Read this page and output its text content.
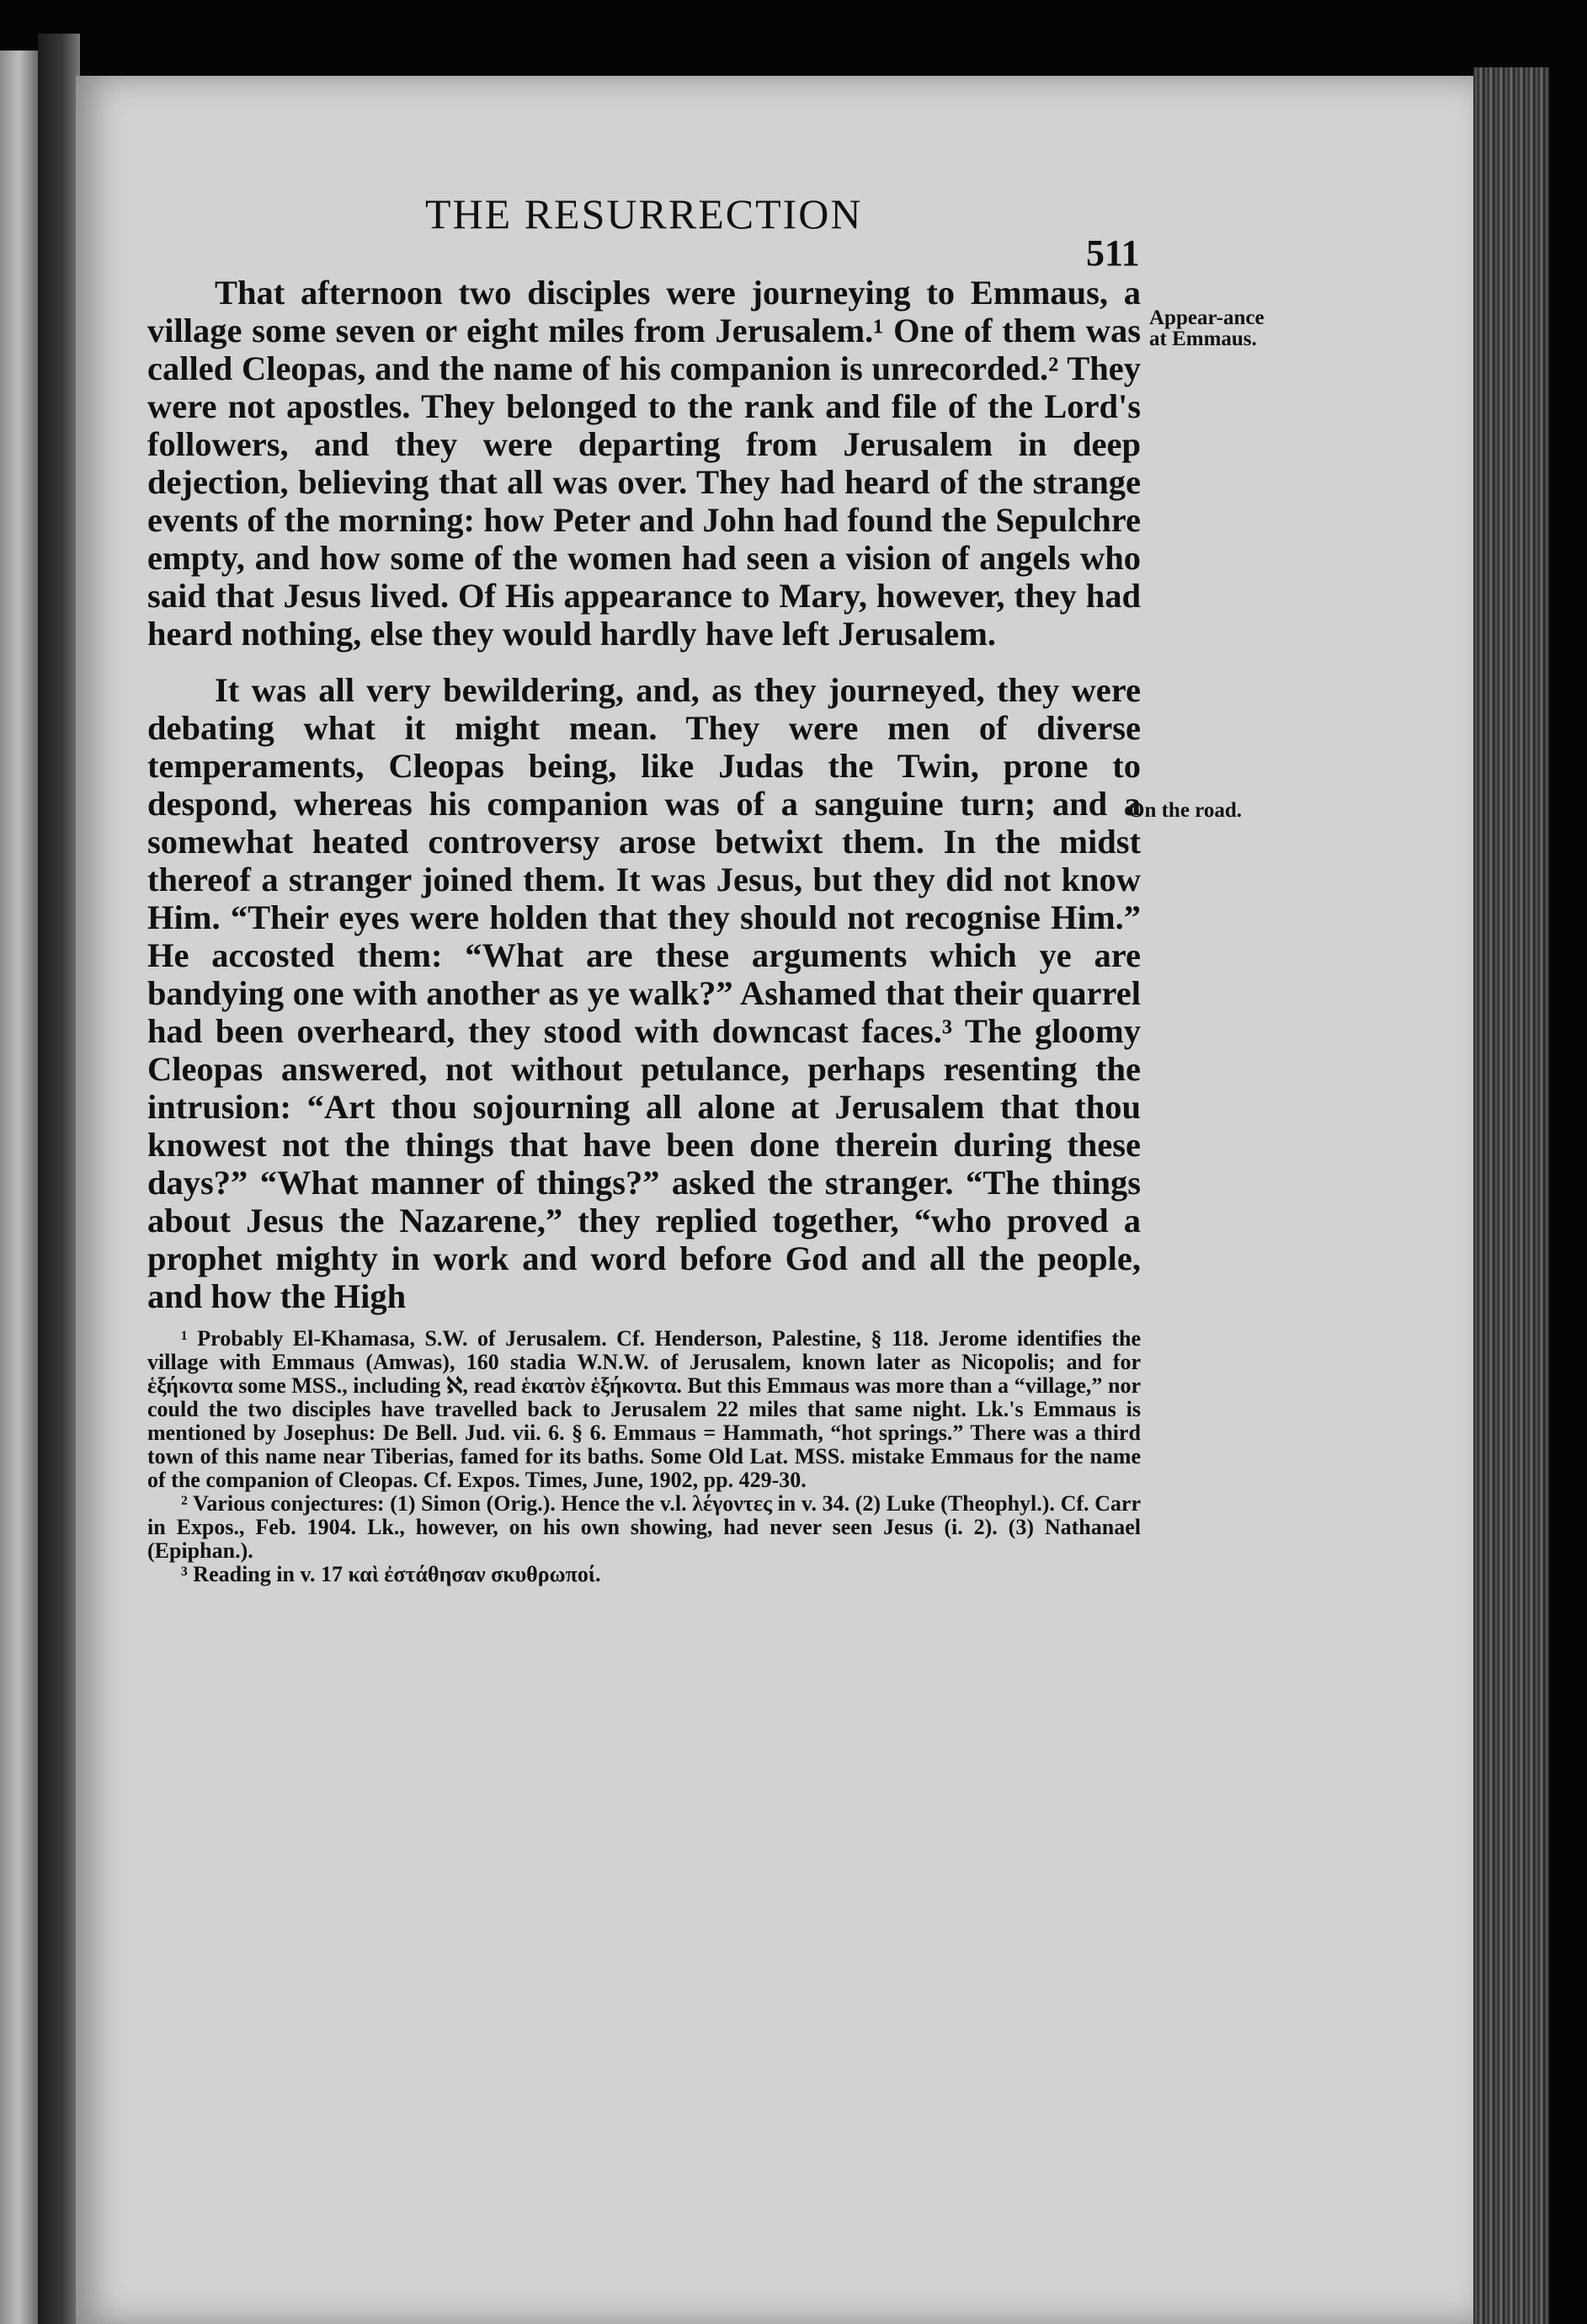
THE RESURRECTION
511

That afternoon two disciples were journeying to Emmaus, a village some seven or eight miles from Jerusalem.¹ One of them was called Cleopas, and the name of his companion is unrecorded.² They were not apostles. They belonged to the rank and file of the Lord's followers, and they were departing from Jerusalem in deep dejection, believing that all was over. They had heard of the strange events of the morning: how Peter and John had found the Sepulchre empty, and how some of the women had seen a vision of angels who said that Jesus lived. Of His appearance to Mary, however, they had heard nothing, else they would hardly have left Jerusalem.

It was all very bewildering, and, as they journeyed, they were debating what it might mean. They were men of diverse temperaments, Cleopas being, like Judas the Twin, prone to despond, whereas his companion was of a sanguine turn; and a somewhat heated controversy arose betwixt them. In the midst thereof a stranger joined them. It was Jesus, but they did not know Him. “Their eyes were holden that they should not recognise Him.” He accosted them: “What are these arguments which ye are bandying one with another as ye walk?” Ashamed that their quarrel had been overheard, they stood with downcast faces.³ The gloomy Cleopas answered, not without petulance, perhaps resenting the intrusion: “Art thou sojourning all alone at Jerusalem that thou knowest not the things that have been done therein during these days?” “What manner of things?” asked the stranger. “The things about Jesus the Nazarene,” they replied together, “who proved a prophet mighty in work and word before God and all the people, and how the High

¹ Probably El-Khamasa, S.W. of Jerusalem. Cf. Henderson, Palestine, § 118. Jerome identifies the village with Emmaus (Amwas), 160 stadia W.N.W. of Jerusalem, known later as Nicopolis; and for ἑξήκοντα some MSS., including ℵ, read ἑκατὸν ἑξήκοντα. But this Emmaus was more than a “village,” nor could the two disciples have travelled back to Jerusalem 22 miles that same night. Lk.'s Emmaus is mentioned by Josephus: De Bell. Jud. vii. 6. § 6. Emmaus = Hammath, “hot springs.” There was a third town of this name near Tiberias, famed for its baths. Some Old Lat. MSS. mistake Emmaus for the name of the companion of Cleopas. Cf. Expos. Times, June, 1902, pp. 429-30.

² Various conjectures: (1) Simon (Orig.). Hence the v.l. λέγοντες in v. 34. (2) Luke (Theophyl.). Cf. Carr in Expos., Feb. 1904. Lk., however, on his own showing, had never seen Jesus (i. 2). (3) Nathanael (Epiphan.).

³ Reading in v. 17 καὶ ἐστάθησαν σκυθρωποί.

Appear-ance at Emmaus.
On the road.
